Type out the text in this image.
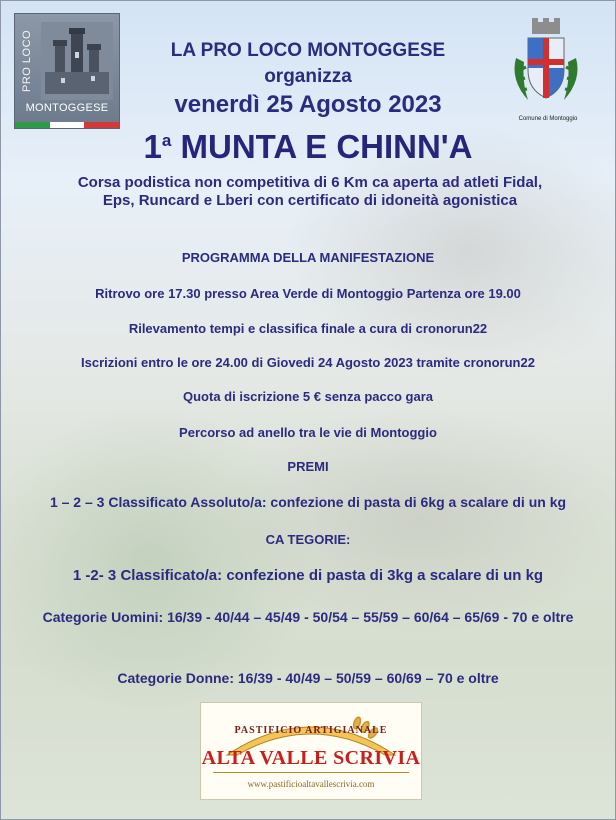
PRO LOCO
MONTOGGESE
Comune di Montoggio
LA PRO LOCO MONTOGGESE
organizza
venerdì 25 Agosto 2023
1$^a$ MUNTA E CHINN'A
Corsa podistica non competitiva di 6 Km ca aperta ad atleti Fidal, Eps, Runcard e Lberi con certificato di idoneità agonistica
PROGRAMMA DELLA MANIFESTAZIONE
Ritrovo ore 17.30 presso Area Verde di Montoggio Partenza ore 19.00
Rilevamento tempi e classifica finale a cura di cronorun22
Iscrizioni entro le ore 24.00 di Giovedi 24 Agosto 2023 tramite cronorun22
Quota di iscrizione 5 € senza pacco gara
Percorso ad anello tra le vie di Montoggio
PREMI
1 – 2 – 3 Classificato Assoluto/a: confezione di pasta di 6kg a scalare di un kg
CA TEGORIE:
1 -2- 3 Classificato/a: confezione di pasta di 3kg a scalare di un kg
Categorie Uomini: 16/39 - 40/44 – 45/49 - 50/54 – 55/59 – 60/64 – 65/69 - 70 e oltre
Categorie Donne: 16/39 - 40/49 – 50/59 – 60/69 – 70 e oltre
PASTIFICIO ARTIGIANALE
ALTA VALLE SCRIVIA
www.pastificioaltavallescrivia.com
